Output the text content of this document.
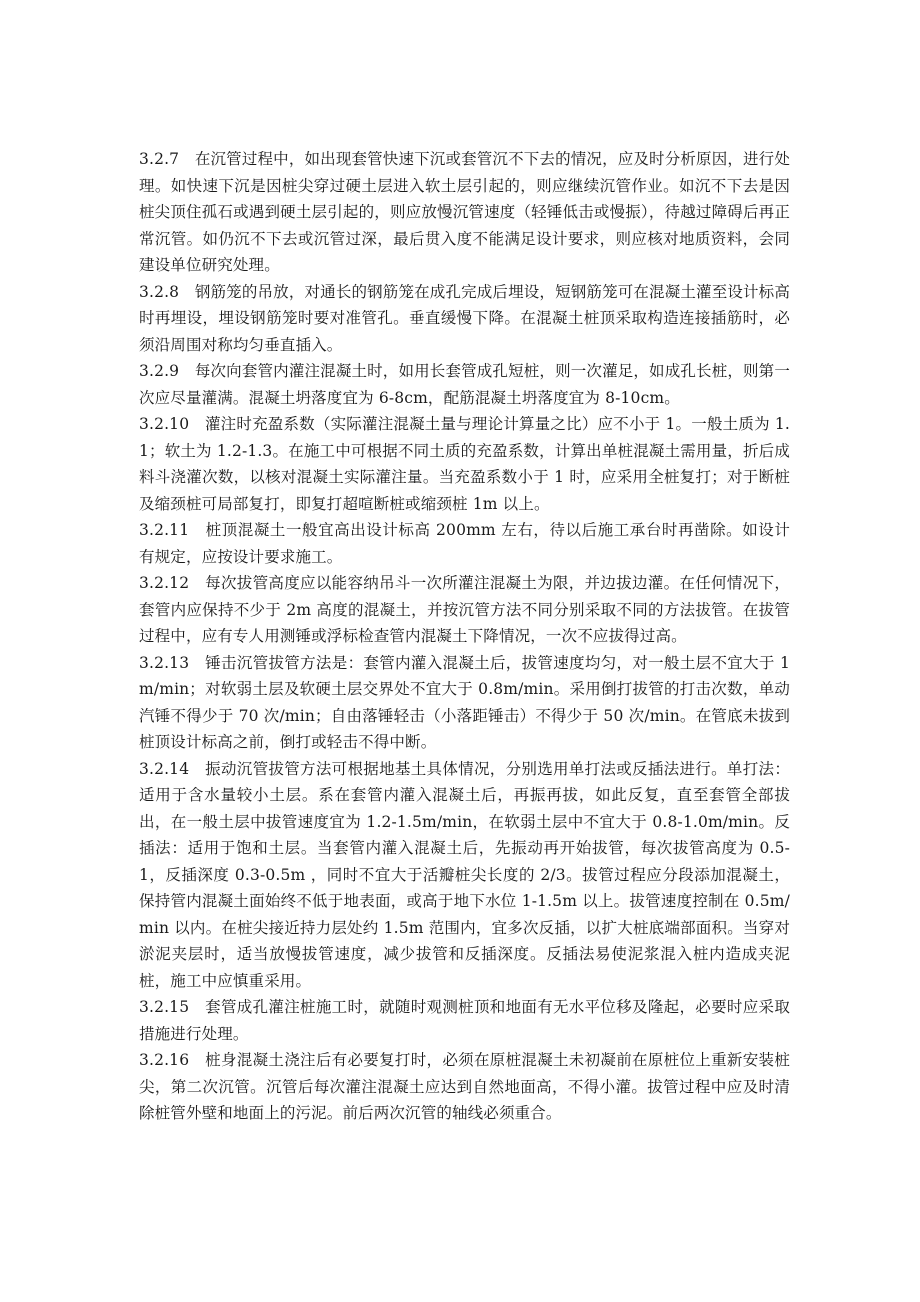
3.2.7　在沉管过程中，如出现套管快速下沉或套管沉不下去的情况，应及时分析原因，进行处理。如快速下沉是因桩尖穿过硬土层进入软土层引起的，则应继续沉管作业。如沉不下去是因桩尖顶住孤石或遇到硬土层引起的，则应放慢沉管速度（轻锤低击或慢振），待越过障碍后再正常沉管。如仍沉不下去或沉管过深，最后贯入度不能满足设计要求，则应核对地质资料，会同建设单位研究处理。

3.2.8　钢筋笼的吊放，对通长的钢筋笼在成孔完成后埋设，短钢筋笼可在混凝土灌至设计标高时再埋设，埋设钢筋笼时要对准管孔。垂直缓慢下降。在混凝土桩顶采取构造连接插筋时，必须沿周围对称均匀垂直插入。

3.2.9　每次向套管内灌注混凝土时，如用长套管成孔短桩，则一次灌足，如成孔长桩，则第一次应尽量灌满。混凝土坍落度宜为 6-8cm，配筋混凝土坍落度宜为 8-10cm。

3.2.10　灌注时充盈系数（实际灌注混凝土量与理论计算量之比）应不小于 1。一般土质为 1.1；软土为 1.2-1.3。在施工中可根据不同土质的充盈系数，计算出单桩混凝土需用量，折后成料斗浇灌次数，以核对混凝土实际灌注量。当充盈系数小于 1 时，应采用全桩复打；对于断桩及缩颈桩可局部复打，即复打超喧断桩或缩颈桩 1m 以上。

3.2.11　桩顶混凝土一般宜高出设计标高 200mm 左右，待以后施工承台时再凿除。如设计有规定，应按设计要求施工。

3.2.12　每次拔管高度应以能容纳吊斗一次所灌注混凝土为限，并边拔边灌。在任何情况下，套管内应保持不少于 2m 高度的混凝土，并按沉管方法不同分别采取不同的方法拔管。在拔管过程中，应有专人用测锤或浮标检查管内混凝土下降情况，一次不应拔得过高。

3.2.13　锤击沉管拔管方法是：套管内灌入混凝土后，拔管速度均匀，对一般土层不宜大于 1m/min；对软弱土层及软硬土层交界处不宜大于 0.8m/min。采用倒打拔管的打击次数，单动汽锤不得少于 70 次/min；自由落锤轻击（小落距锤击）不得少于 50 次/min。在管底未拔到桩顶设计标高之前，倒打或轻击不得中断。

3.2.14　振动沉管拔管方法可根据地基土具体情况，分别选用单打法或反插法进行。单打法：适用于含水量较小土层。系在套管内灌入混凝土后，再振再拔，如此反复，直至套管全部拔出，在一般土层中拔管速度宜为 1.2-1.5m/min，在软弱土层中不宜大于 0.8-1.0m/min。反插法：适用于饱和土层。当套管内灌入混凝土后，先振动再开始拔管，每次拔管高度为 0.5-1，反插深度 0.3-0.5m ，同时不宜大于活瓣桩尖长度的 2/3。拔管过程应分段添加混凝土，保持管内混凝土面始终不低于地表面，或高于地下水位 1-1.5m 以上。拔管速度控制在 0.5m/min 以内。在桩尖接近持力层处约 1.5m 范围内，宜多次反插，以扩大桩底端部面积。当穿对淤泥夹层时，适当放慢拔管速度，减少拔管和反插深度。反插法易使泥浆混入桩内造成夹泥桩，施工中应慎重采用。

3.2.15　套管成孔灌注桩施工时，就随时观测桩顶和地面有无水平位移及隆起，必要时应采取措施进行处理。

3.2.16　桩身混凝土浇注后有必要复打时，必须在原桩混凝土未初凝前在原桩位上重新安装桩尖，第二次沉管。沉管后每次灌注混凝土应达到自然地面高，不得小灌。拔管过程中应及时清除桩管外壁和地面上的污泥。前后两次沉管的轴线必须重合。
